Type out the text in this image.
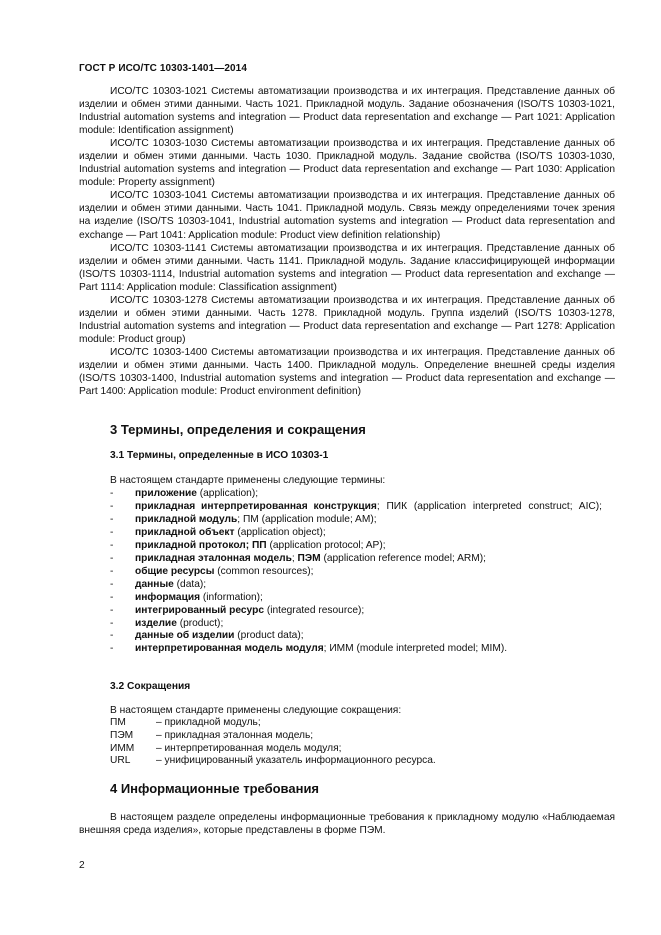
ГОСТ Р ИСО/ТС 10303-1401—2014

ИСО/ТС 10303-1021 Системы автоматизации производства и их интеграция. Представление данных об изделии и обмен этими данными. Часть 1021. Прикладной модуль. Задание обозначения (ISO/TS 10303-1021, Industrial automation systems and integration — Product data representation and exchange — Part 1021: Application module: Identification assignment)

ИСО/ТС 10303-1030 Системы автоматизации производства и их интеграция. Представление данных об изделии и обмен этими данными. Часть 1030. Прикладной модуль. Задание свойства (ISO/TS 10303-1030, Industrial automation systems and integration — Product data representation and exchange — Part 1030: Application module: Property assignment)

ИСО/ТС 10303-1041 Системы автоматизации производства и их интеграция. Представление данных об изделии и обмен этими данными. Часть 1041. Прикладной модуль. Связь между определениями точек зрения на изделие (ISO/TS 10303-1041, Industrial automation systems and integration — Product data representation and exchange — Part 1041: Application module: Product view definition relationship)

ИСО/ТС 10303-1141 Системы автоматизации производства и их интеграция. Представление данных об изделии и обмен этими данными. Часть 1141. Прикладной модуль. Задание классифицирующей информации (ISO/TS 10303-1114, Industrial automation systems and integration — Product data representation and exchange — Part 1114: Application module: Classification assignment)

ИСО/ТС 10303-1278 Системы автоматизации производства и их интеграция. Представление данных об изделии и обмен этими данными. Часть 1278. Прикладной модуль. Группа изделий (ISO/TS 10303-1278, Industrial automation systems and integration — Product data representation and exchange — Part 1278: Application module: Product group)

ИСО/ТС 10303-1400 Системы автоматизации производства и их интеграция. Представление данных об изделии и обмен этими данными. Часть 1400. Прикладной модуль. Определение внешней среды изделия (ISO/TS 10303-1400, Industrial automation systems and integration — Product data representation and exchange — Part 1400: Application module: Product environment definition)

3 Термины, определения и сокращения
3.1 Термины, определенные в ИСО 10303-1
В настоящем стандарте применены следующие термины:
-	приложение (application);
-	прикладная интерпретированная конструкция; ПИК (application interpreted construct; AIC);
-	прикладной модуль; ПМ (application module; AM);
-	прикладной объект (application object);
-	прикладной протокол; ПП (application protocol; AP);
-	прикладная эталонная модель; ПЭМ (application reference model; ARM);
-	общие ресурсы (common resources);
-	данные (data);
-	информация (information);
-	интегрированный ресурс (integrated resource);
-	изделие (product);
-	данные об изделии (product data);
-	интерпретированная модель модуля; ИММ (module interpreted model; MIM).
3.2 Сокращения
В настоящем стандарте применены следующие сокращения:
ПМ	– прикладной модуль;
ПЭМ	– прикладная эталонная модель;
ИММ	– интерпретированная модель модуля;
URL	– унифицированный указатель информационного ресурса.
4 Информационные требования

В настоящем разделе определены информационные требования к прикладному модулю «Наблюдаемая внешняя среда изделия», которые представлены в форме ПЭМ.

2
